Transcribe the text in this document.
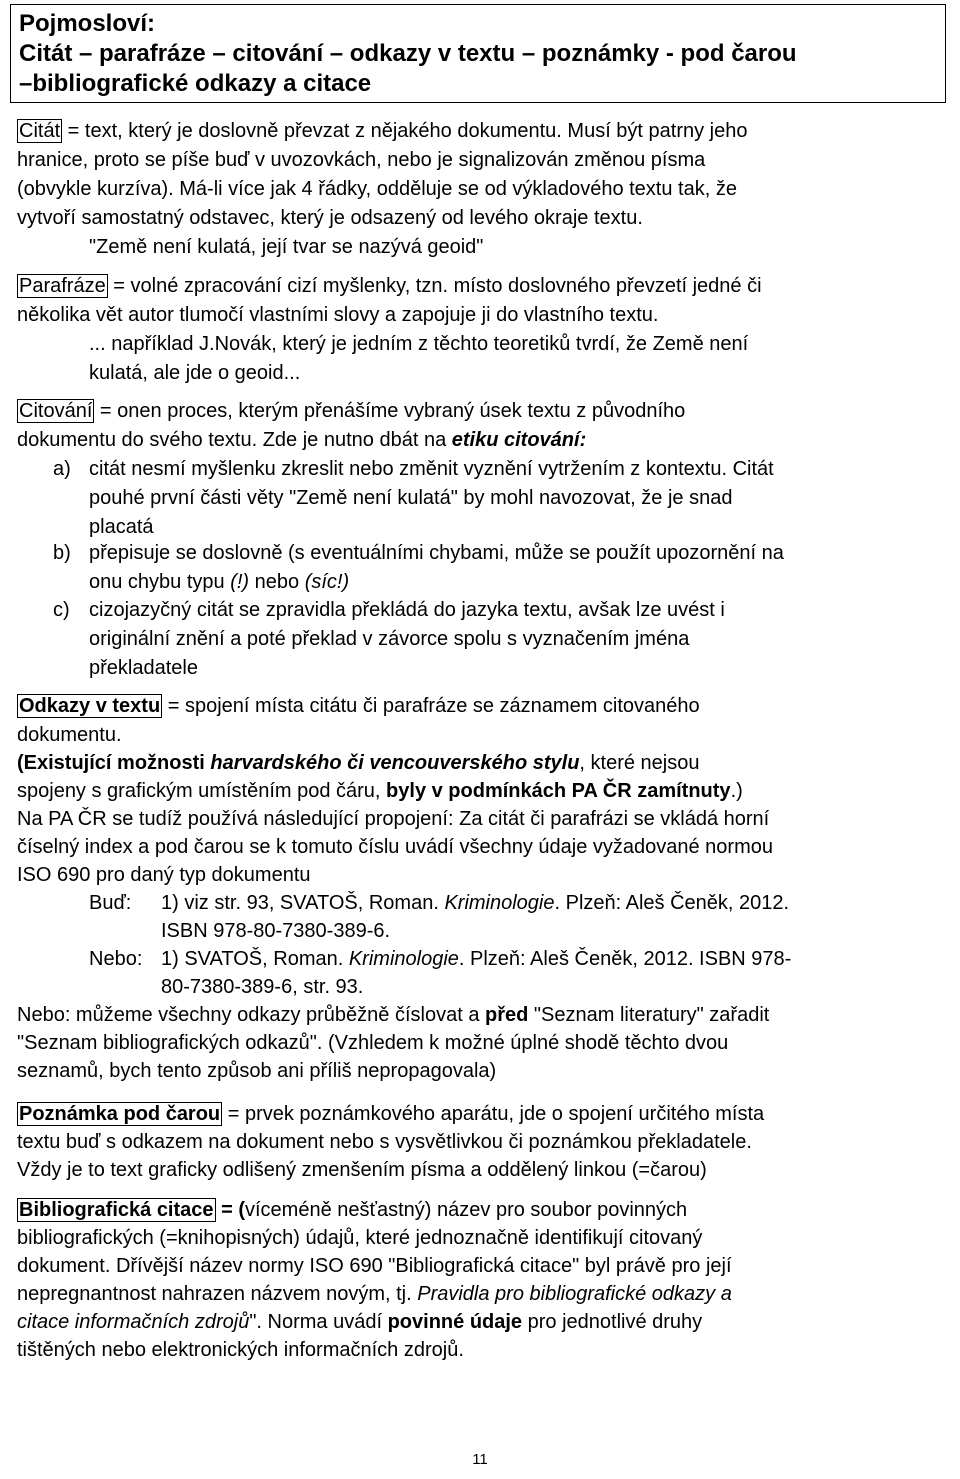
Pojmosloví:
Citát – parafráze – citování – odkazy v textu – poznámky - pod čarou
–bibliografické odkazy a citace
Citát = text, který je doslovně převzat z nějakého dokumentu. Musí být patrny jeho
hranice, proto se píše buď v uvozovkách, nebo je signalizován změnou písma
(obvykle kurzíva). Má-li více jak 4 řádky, odděluje se od výkladového textu tak, že
vytvoří samostatný odstavec, který je odsazený od levého okraje textu.
"Země není kulatá, její tvar se nazývá geoid"
Parafráze = volné zpracování cizí myšlenky, tzn. místo doslovného převzetí jedné či
několika vět autor tlumočí vlastními slovy a zapojuje ji do vlastního textu.
... například J.Novák, který je jedním z těchto teoretiků tvrdí, že Země není
kulatá, ale jde o geoid...
Citování = onen proces, kterým přenášíme vybraný úsek textu z původního
dokumentu do svého textu. Zde je nutno dbát na etiku citování:
a) citát nesmí myšlenku zkreslit nebo změnit vyznění vytržením z kontextu. Citát
pouhé první části věty "Země není kulatá" by mohl navozovat, že je snad
placatá
b) přepisuje se doslovně (s eventuálními chybami, může se použít upozornění na
onu chybu typu (!) nebo (síc!)
c) cizojazyčný citát se zpravidla překládá do jazyka textu, avšak lze uvést i
originální znění a poté překlad v závorce spolu s vyznačením jména
překladatele
Odkazy v textu = spojení místa citátu či parafráze se záznamem citovaného
dokumentu.
(Existující možnosti harvardského či vencouverského stylu, které nejsou
spojeny s grafickým umístěním pod čáru, byly v podmínkách PA ČR zamítnuty.)
Na PA ČR se tudíž používá následující propojení: Za citát či parafrázi se vkládá horní
číselný index a pod čarou se k tomuto číslu uvádí všechny údaje vyžadované normou
ISO 690 pro daný typ dokumentu
Buď: 1) viz str. 93, SVATOŠ, Roman. Kriminologie. Plzeň: Aleš Čeněk, 2012.
ISBN 978-80-7380-389-6.
Nebo: 1) SVATOŠ, Roman. Kriminologie. Plzeň: Aleš Čeněk, 2012. ISBN 978-
80-7380-389-6, str. 93.
Nebo: můžeme všechny odkazy průběžně číslovat a před "Seznam literatury" zařadit
"Seznam bibliografických odkazů". (Vzhledem k možné úplné shodě těchto dvou
seznamů, bych tento způsob ani příliš nepropagovala)
Poznámka pod čarou = prvek poznámkového aparátu, jde o spojení určitého místa
textu buď s odkazem na dokument nebo s vysvětlivkou či poznámkou překladatele.
Vždy je to text graficky odlišený zmenšením písma a oddělený linkou (=čarou)
Bibliografická citace = (víceméně nešťastný) název pro soubor povinných
bibliografických (=knihopisných) údajů, které jednoznačně identifikují citovaný
dokument. Dřívější název normy ISO 690 "Bibliografická citace" byl právě pro její
nepregnantnost nahrazen názvem novým, tj. Pravidla pro bibliografické odkazy a
citace informačních zdrojů". Norma uvádí povinné údaje pro jednotlivé druhy
tištěných nebo elektronických informačních zdrojů.
11
